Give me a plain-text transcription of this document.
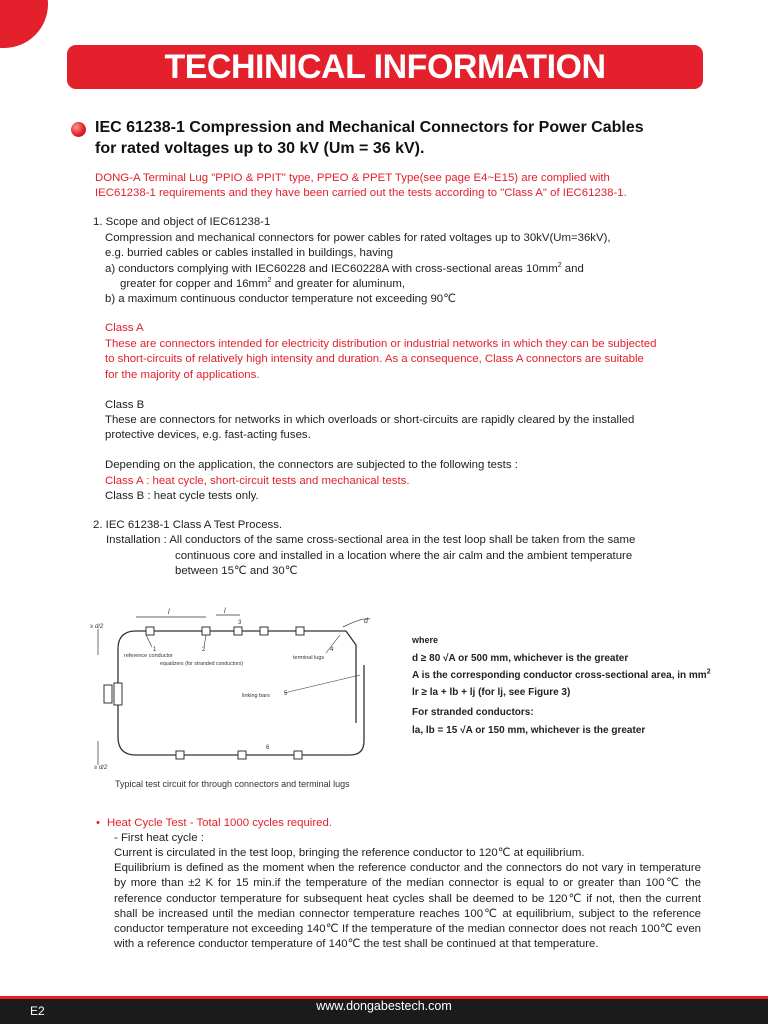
TECHINICAL INFORMATION
IEC 61238-1 Compression and Mechanical Connectors for Power Cables
for rated voltages up to 30 kV (Um = 36 kV).
DONG-A Terminal Lug "PPIO & PPIT" type, PPEO & PPET Type(see page E4~E15) are complied with
IEC61238-1 requirements and they have been carried out the tests according to "Class A" of IEC61238-1.
1. Scope and object of IEC61238-1
Compression and mechanical connectors for power cables for rated voltages up to 30kV(Um=36kV),
e.g. burried cables or cables installed in buildings, having
a) conductors complying with IEC60228 and IEC60228A with cross-sectional areas $10mm^2$ and
greater for copper and $16mm^2$ and greater for aluminum,
b) a maximum continuous conductor temperature not exceeding 90℃
Class A
These are connectors intended for electricity distribution or industrial networks in which they can be subjected
to short-circuits of relatively high intensity and duration. As a consequence, Class A connectors are suitable
for the majority of applications.
Class B
These are connectors for networks in which overloads or short-circuits are rapidly cleared by the installed
protective devices, e.g. fast-acting fuses.
Depending on the application, the connectors are subjected to the following tests :
Class A : heat cycle, short-circuit tests and mechanical tests.
Class B : heat cycle tests only.
2. IEC 61238-1 Class A Test Process.
Installation : All conductors of the same cross-sectional area in the test loop shall be taken from the same
continuous core and installed in a location where the air calm and the ambient temperature
between 15℃ and 30℃
≥ d/2
≥ d/2
l	l
d
reference conductor
equalizers (for stranded conductors)
terminal lugs
linking bars
1	2
3
4
5
6
Typical test circuit for through connectors and terminal lugs
where
d ≥ 80 √A or 500 mm, whichever is the greater
A is the corresponding conductor cross-sectional area, in $mm^2$
lr ≥ la + lb + lj (for lj, see Figure 3)
For stranded conductors:
la, lb = 15 √A or 150 mm, whichever is the greater
• Heat Cycle Test - Total 1000 cycles required.
- First heat cycle :
Current is circulated in the test loop, bringing the reference conductor to 120℃ at equilibrium.
Equilibrium is defined as the moment when the reference conductor and the connectors do not vary in temperature by more than ±2 K for 15 min.if the temperature of the median connector is equal to or greater than 100℃ the reference conductor temperature for subsequent heat cycles shall be deemed to be 120℃ if not, then the current shall be increased until the median connector temperature reaches 100℃ at equilibrium, subject to the reference conductor temperature not exceeding 140℃ If the temperature of the median connector does not reach 100℃ even with a reference conductor temperature of 140℃ the test shall be continued at that temperature.
www.dongabestech.com
E2
